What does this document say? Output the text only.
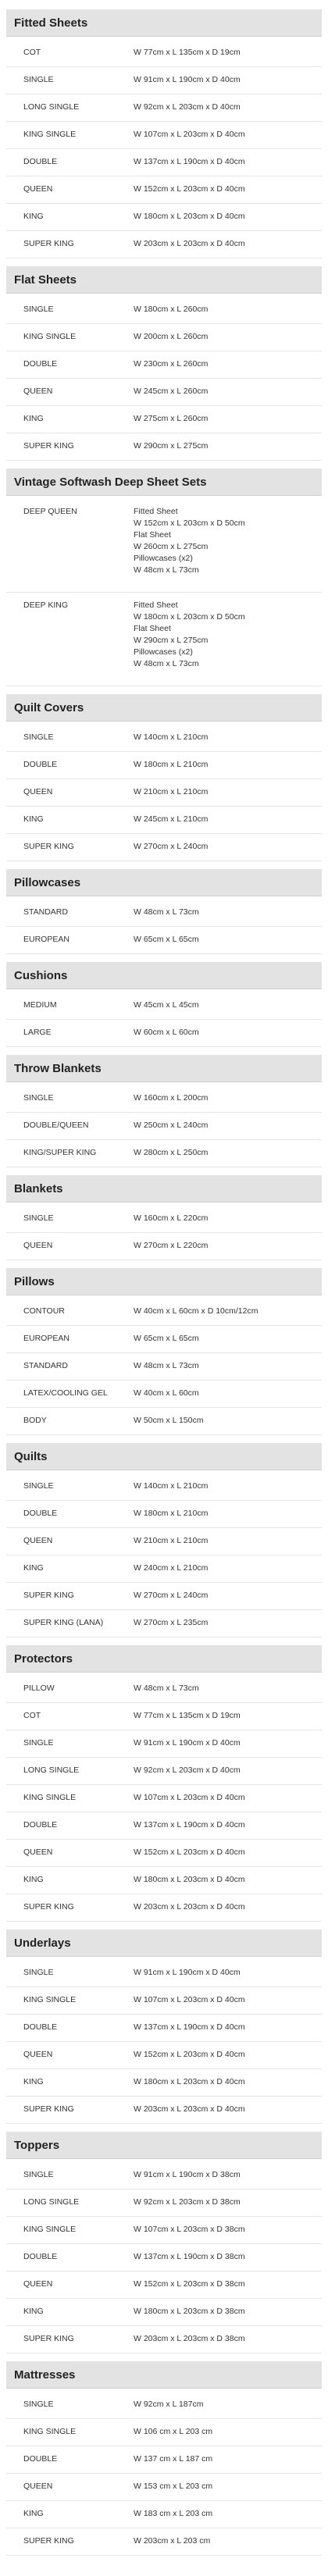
Fitted Sheets
COT	W 77cm x L 135cm x D 19cm
SINGLE	W 91cm x L 190cm x D 40cm
LONG SINGLE	W 92cm x L 203cm x D 40cm
KING SINGLE	W 107cm x L 203cm x D 40cm
DOUBLE	W 137cm x L 190cm x D 40cm
QUEEN	W 152cm x L 203cm x D 40cm
KING	W 180cm x L 203cm x D 40cm
SUPER KING	W 203cm x L 203cm x D 40cm
Flat Sheets
SINGLE	W 180cm x L 260cm
KING SINGLE	W 200cm x L 260cm
DOUBLE	W 230cm x L 260cm
QUEEN	W 245cm x L 260cm
KING	W 275cm x L 260cm
SUPER KING	W 290cm x L 275cm
Vintage Softwash Deep Sheet Sets
DEEP QUEEN	Fitted Sheet
W 152cm x L 203cm x D 50cm
Flat Sheet
W 260cm x L 275cm
Pillowcases (x2)
W 48cm x L 73cm
DEEP KING	Fitted Sheet
W 180cm x L 203cm x D 50cm
Flat Sheet
W 290cm x L 275cm
Pillowcases (x2)
W 48cm x L 73cm
Quilt Covers
SINGLE	W 140cm x L 210cm
DOUBLE	W 180cm x L 210cm
QUEEN	W 210cm x L 210cm
KING	W 245cm x L 210cm
SUPER KING	W 270cm x L 240cm
Pillowcases
STANDARD	W 48cm x L 73cm
EUROPEAN	W 65cm x L 65cm
Cushions
MEDIUM	W 45cm x L 45cm
LARGE	W 60cm x L 60cm
Throw Blankets
SINGLE	W 160cm x L 200cm
DOUBLE/QUEEN	W 250cm x L 240cm
KING/SUPER KING	W 280cm x L 250cm
Blankets
SINGLE	W 160cm x L 220cm
QUEEN	W 270cm x L 220cm
Pillows
CONTOUR	W 40cm x L 60cm x D 10cm/12cm
EUROPEAN	W 65cm x L 65cm
STANDARD	W 48cm x L 73cm
LATEX/COOLING GEL	W 40cm x L 60cm
BODY	W 50cm x L 150cm
Quilts
SINGLE	W 140cm x L 210cm
DOUBLE	W 180cm x L 210cm
QUEEN	W 210cm x L 210cm
KING	W 240cm x L 210cm
SUPER KING	W 270cm x L 240cm
SUPER KING (LANA)	W 270cm x L 235cm
Protectors
PILLOW	W 48cm x L 73cm
COT	W 77cm x L 135cm x D 19cm
SINGLE	W 91cm x L 190cm x D 40cm
LONG SINGLE	W 92cm x L 203cm x D 40cm
KING SINGLE	W 107cm x L 203cm x D 40cm
DOUBLE	W 137cm x L 190cm x D 40cm
QUEEN	W 152cm x L 203cm x D 40cm
KING	W 180cm x L 203cm x D 40cm
SUPER KING	W 203cm x L 203cm x D 40cm
Underlays
SINGLE	W 91cm x L 190cm x D 40cm
KING SINGLE	W 107cm x L 203cm x D 40cm
DOUBLE	W 137cm x L 190cm x D 40cm
QUEEN	W 152cm x L 203cm x D 40cm
KING	W 180cm x L 203cm x D 40cm
SUPER KING	W 203cm x L 203cm x D 40cm
Toppers
SINGLE	W 91cm x L 190cm x D 38cm
LONG SINGLE	W 92cm x L 203cm x D 38cm
KING SINGLE	W 107cm x L 203cm x D 38cm
DOUBLE	W 137cm x L 190cm x D 38cm
QUEEN	W 152cm x L 203cm x D 38cm
KING	W 180cm x L 203cm x D 38cm
SUPER KING	W 203cm x L 203cm x D 38cm
Mattresses
SINGLE	W 92cm x L 187cm
KING SINGLE	W 106 cm x L 203 cm
DOUBLE	W 137 cm x L 187 cm
QUEEN	W 153 cm x L 203 cm
KING	W 183 cm x L 203 cm
SUPER KING	W 203cm x L 203 cm
